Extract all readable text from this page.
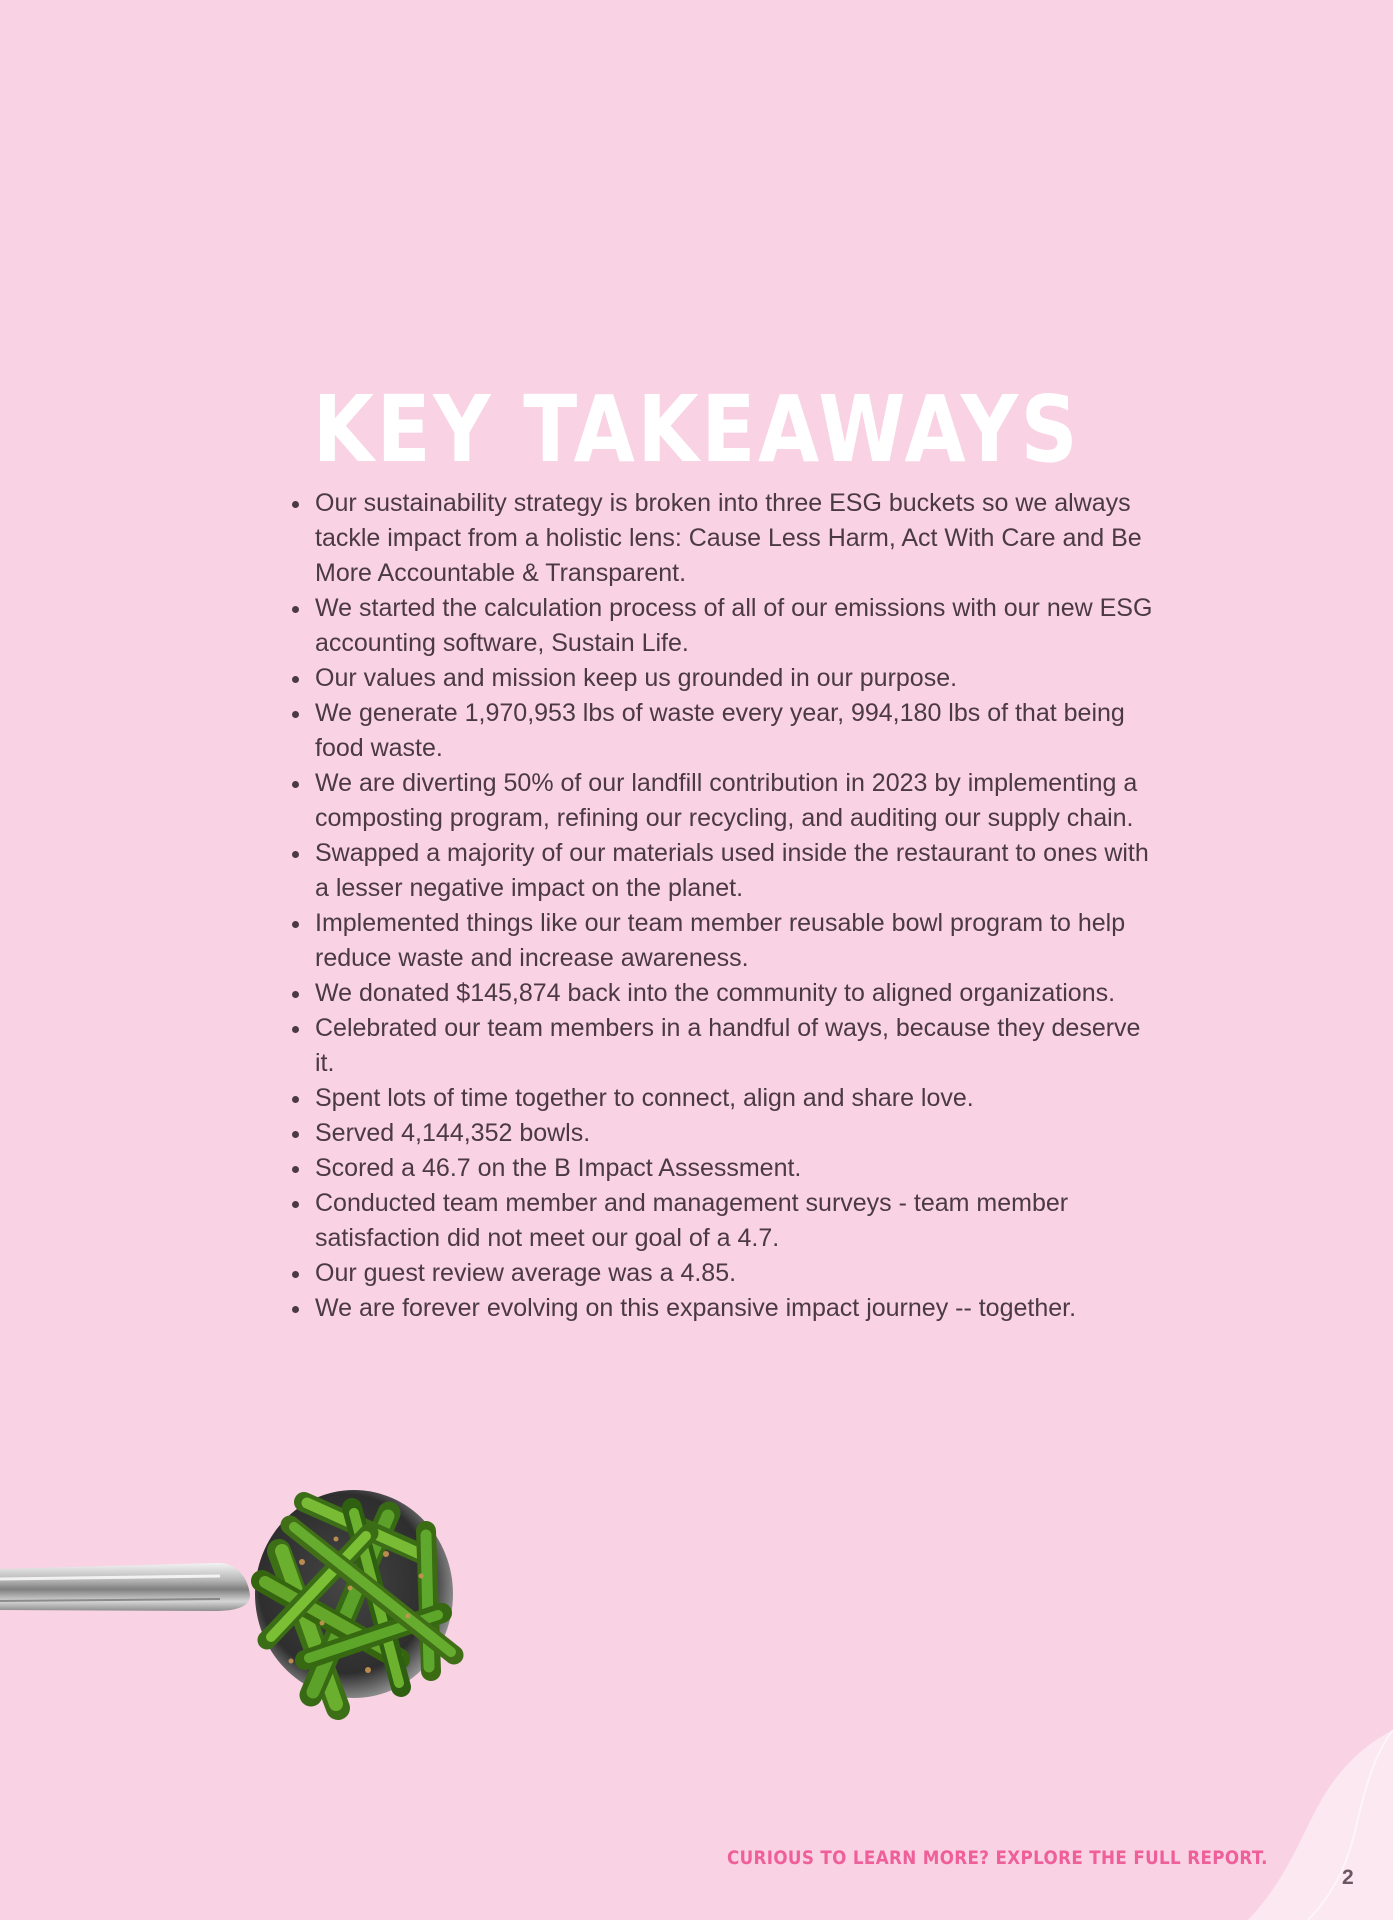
KEY TAKEAWAYS
• Our sustainability strategy is broken into three ESG buckets so we always tackle impact from a holistic lens: Cause Less Harm, Act With Care and Be More Accountable & Transparent.
• We started the calculation process of all of our emissions with our new ESG accounting software, Sustain Life.
• Our values and mission keep us grounded in our purpose.
• We generate 1,970,953 lbs of waste every year, 994,180 lbs of that being food waste.
• We are diverting 50% of our landfill contribution in 2023 by implementing a composting program, refining our recycling, and auditing our supply chain.
• Swapped a majority of our materials used inside the restaurant to ones with a lesser negative impact on the planet.
• Implemented things like our team member reusable bowl program to help reduce waste and increase awareness.
• We donated $145,874 back into the community to aligned organizations.
• Celebrated our team members in a handful of ways, because they deserve it.
• Spent lots of time together to connect, align and share love.
• Served 4,144,352 bowls.
• Scored a 46.7 on the B Impact Assessment.
• Conducted team member and management surveys - team member satisfaction did not meet our goal of a 4.7.
• Our guest review average was a 4.85.
• We are forever evolving on this expansive impact journey -- together.

CURIOUS TO LEARN MORE? EXPLORE THE FULL REPORT.

2
